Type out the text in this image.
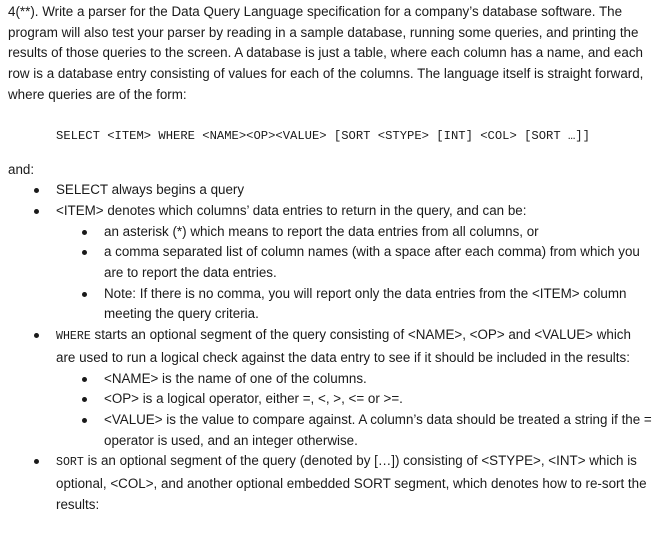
4(**). Write a parser for the Data Query Language specification for a company’s database software. The program will also test your parser by reading in a sample database, running some queries, and printing the results of those queries to the screen. A database is just a table, where each column has a name, and each row is a database entry consisting of values for each of the columns. The language itself is straight forward, where queries are of the form:

SELECT <ITEM> WHERE <NAME><OP><VALUE> [SORT <STYPE> [INT] <COL> [SORT …]]
and:
SELECT always begins a query
<ITEM> denotes which columns’ data entries to return in the query, and can be:
an asterisk (*) which means to report the data entries from all columns, or
a comma separated list of column names (with a space after each comma) from which you are to report the data entries.
Note: If there is no comma, you will report only the data entries from the <ITEM> column meeting the query criteria.
WHERE starts an optional segment of the query consisting of <NAME>, <OP> and <VALUE> which are used to run a logical check against the data entry to see if it should be included in the results:
<NAME> is the name of one of the columns.
<OP> is a logical operator, either =, <, >, <= or >=.
<VALUE> is the value to compare against. A column’s data should be treated a string if the = operator is used, and an integer otherwise.
SORT is an optional segment of the query (denoted by […]) consisting of <STYPE>, <INT> which is optional, <COL>, and another optional embedded SORT segment, which denotes how to re-sort the results:
